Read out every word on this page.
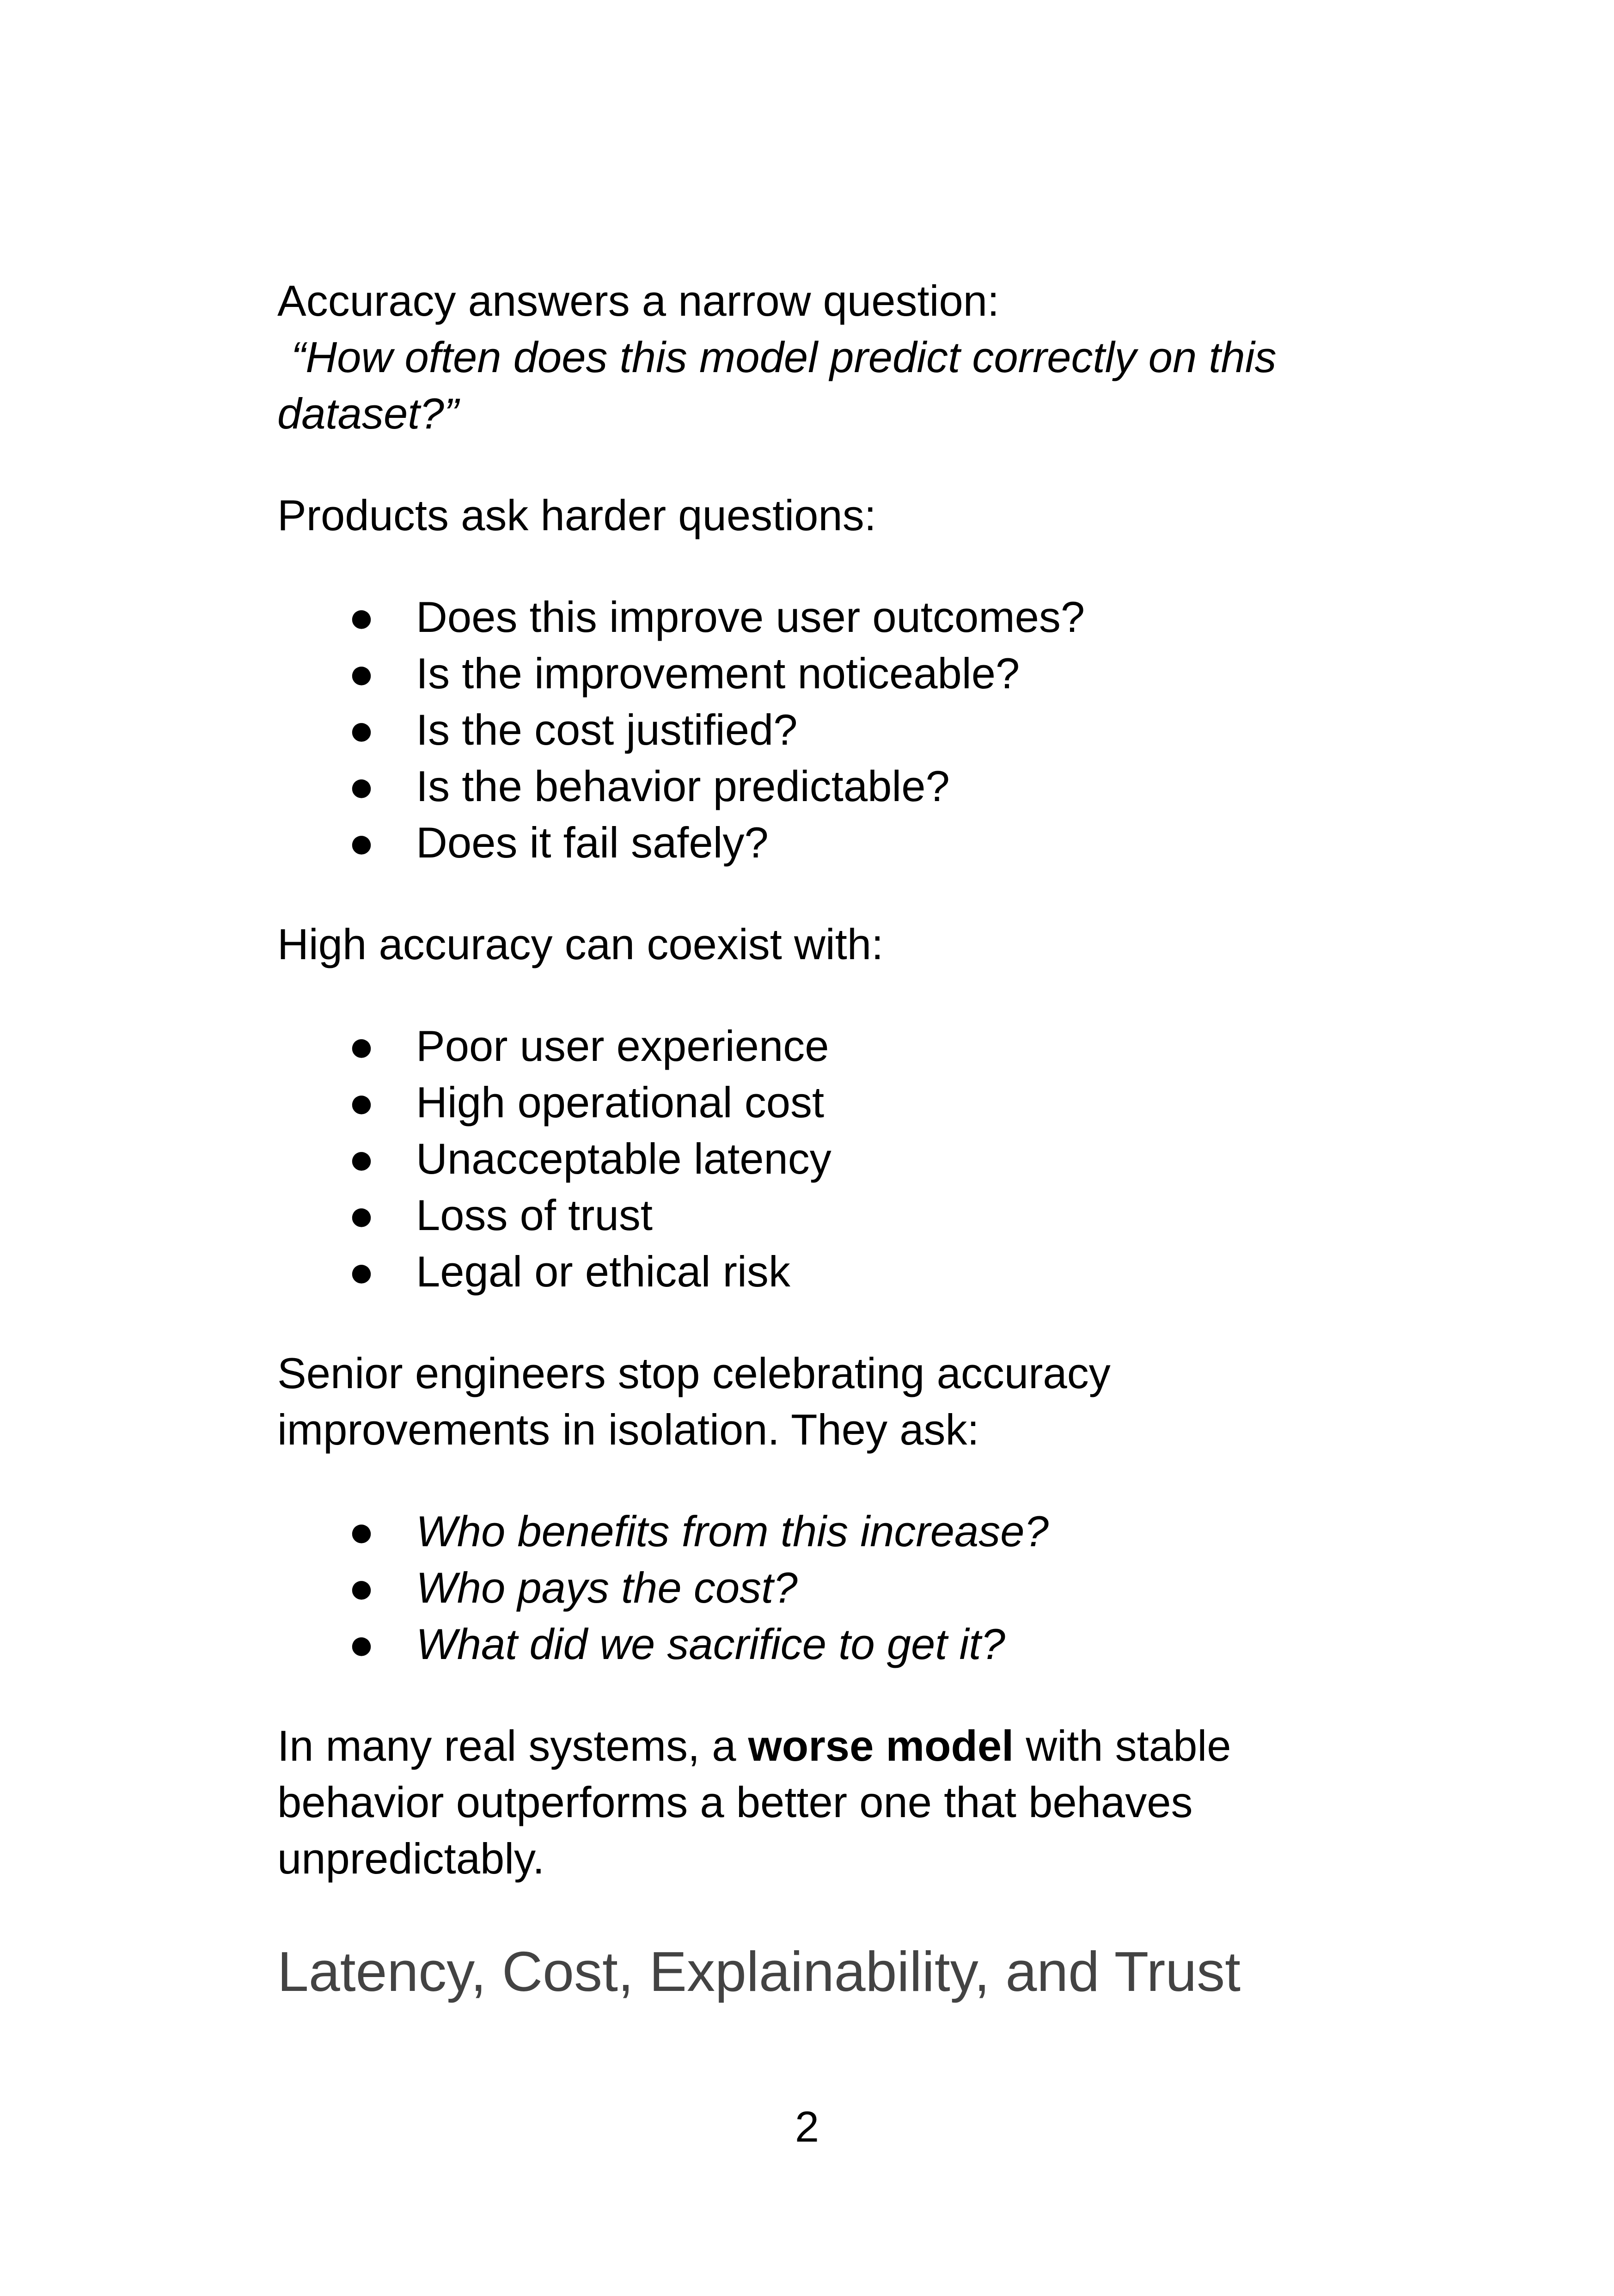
Accuracy answers a narrow question:

“How often does this model predict correctly on this

dataset?”

Products ask harder questions:

● Does this improve user outcomes?
● Is the improvement noticeable?
● Is the cost justified?
● Is the behavior predictable?
● Does it fail safely?

High accuracy can coexist with:

● Poor user experience
● High operational cost
● Unacceptable latency
● Loss of trust
● Legal or ethical risk

Senior engineers stop celebrating accuracy

improvements in isolation. They ask:

● Who benefits from this increase?
● Who pays the cost?
● What did we sacrifice to get it?

In many real systems, a worse model with stable

behavior outperforms a better one that behaves

unpredictably.

Latency, Cost, Explainability, and Trust
2
